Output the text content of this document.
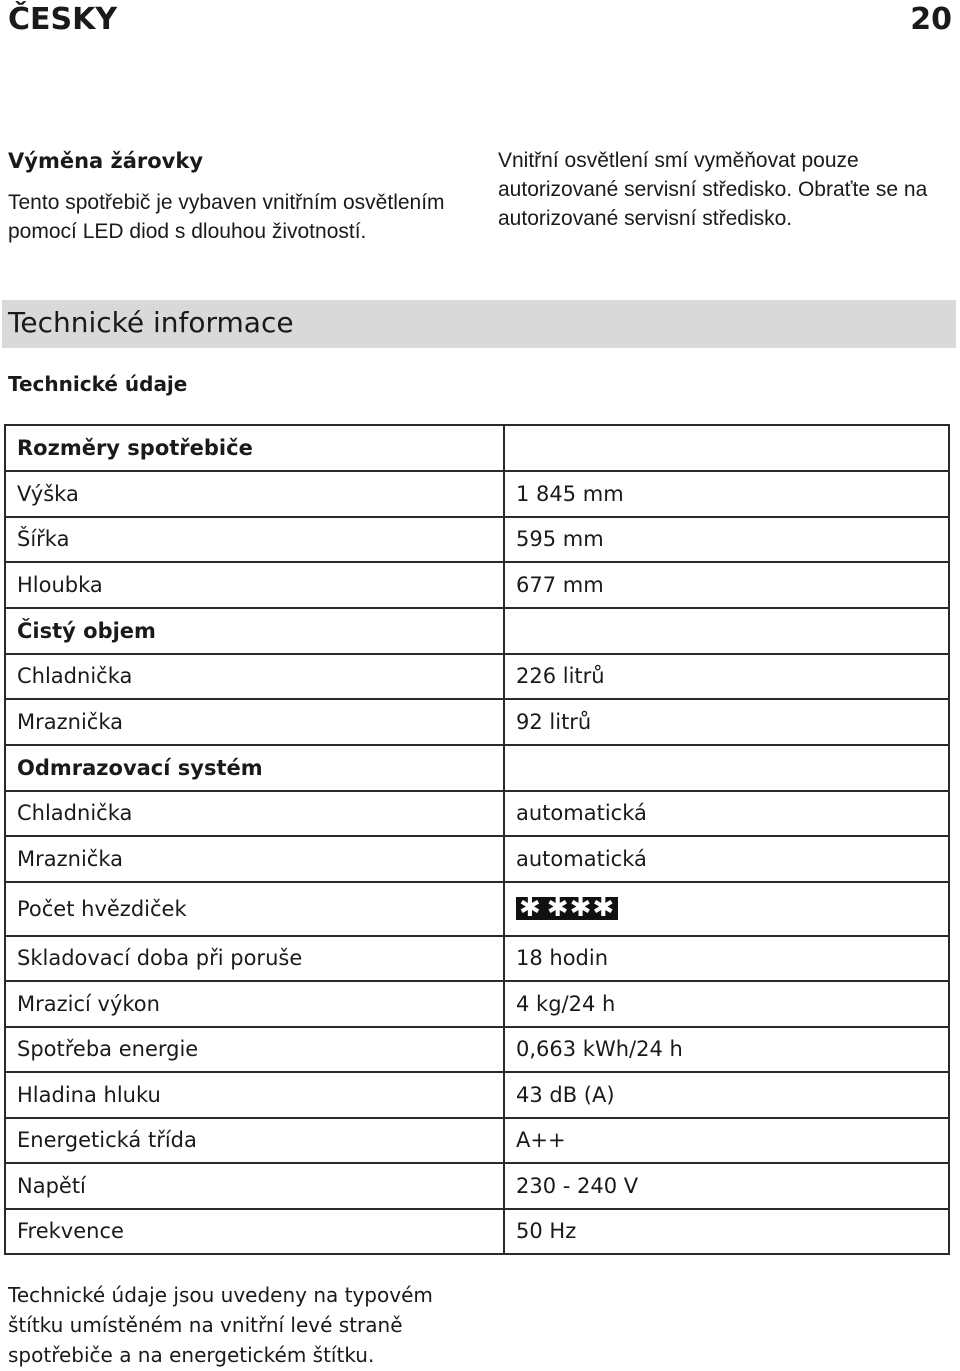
ČESKY	20
Výměna žárovky

Tento spotřebič je vybaven vnitřním osvětlením pomocí LED diod s dlouhou životností.

Vnitřní osvětlení smí vyměňovat pouze autorizované servisní středisko. Obraťte se na autorizované servisní středisko.

Technické informace
Technické údaje
Rozměry spotřebiče	
Výška	1 845 mm
Šířka	595 mm
Hloubka	677 mm
Čistý objem	
Chladnička	226 litrů
Mraznička	92 litrů
Odmrazovací systém	
Chladnička	automatická
Mraznička	automatická
Počet hvězdiček	✱ ✱✱✱
Skladovací doba při poruše	18 hodin
Mrazicí výkon	4 kg/24 h
Spotřeba energie	0,663 kWh/24 h
Hladina hluku	43 dB (A)
Energetická třída	A++
Napětí	230 - 240 V
Frekvence	50 Hz
Technické údaje jsou uvedeny na typovém štítku umístěném na vnitřní levé straně spotřebiče a na energetickém štítku.
